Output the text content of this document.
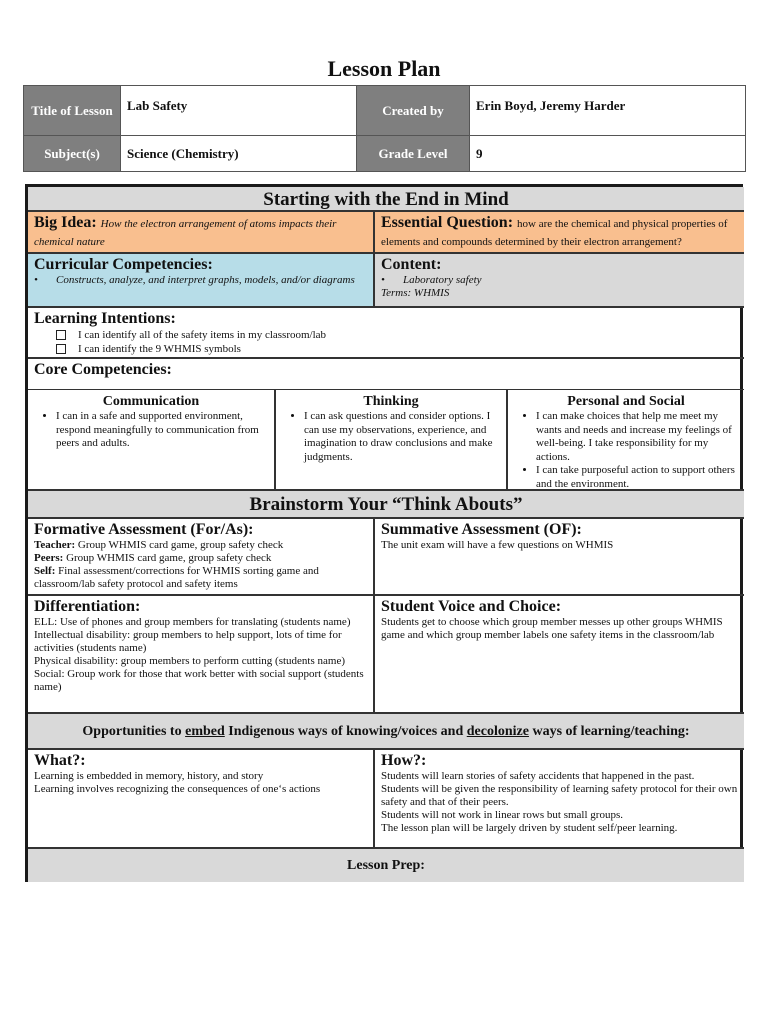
Lesson Plan
Title of Lesson	Lab Safety	Created by	Erin Boyd, Jeremy Harder
Subject(s)	Science (Chemistry)	Grade Level	9
Starting with the End in Mind
Big Idea: How the electron arrangement of atoms impacts their chemical nature
Essential Question: how are the chemical and physical properties of elements and compounds determined by their electron arrangement?
Curricular Competencies:
•	Constructs, analyze, and interpret graphs, models, and/or diagrams
Content:
•	Laboratory safety
Terms: WHMIS
Learning Intentions:
I can identify all of the safety items in my classroom/lab
I can identify the 9 WHMIS symbols
Core Competencies:
Communication
• I can in a safe and supported environment, respond meaningfully to communication from peers and adults.
Thinking
• I can ask questions and consider options. I can use my observations, experience, and imagination to draw conclusions and make judgments.
Personal and Social
• I can make choices that help me meet my wants and needs and increase my feelings of well-being. I take responsibility for my actions.
• I can take purposeful action to support others and the environment.
Brainstorm Your “Think Abouts”
Formative Assessment (For/As):
Teacher: Group WHMIS card game, group safety check
Peers: Group WHMIS card game, group safety check
Self: Final assessment/corrections for WHMIS sorting game and classroom/lab safety protocol and safety items
Summative Assessment (OF):
The unit exam will have a few questions on WHMIS
Differentiation:
ELL: Use of phones and group members for translating (students name)
Intellectual disability: group members to help support, lots of time for activities (students name)
Physical disability: group members to perform cutting (students name)
Social: Group work for those that work better with social support (students name)
Student Voice and Choice:
Students get to choose which group member messes up other groups WHMIS game and which group member labels one safety items in the classroom/lab
Opportunities to embed Indigenous ways of knowing/voices and decolonize ways of learning/teaching:
What?:
Learning is embedded in memory, history, and story
Learning involves recognizing the consequences of one‘s actions
How?:
Students will learn stories of safety accidents that happened in the past.
Students will be given the responsibility of learning safety protocol for their own safety and that of their peers.
Students will not work in linear rows but small groups.
The lesson plan will be largely driven by student self/peer learning.
Lesson Prep:
